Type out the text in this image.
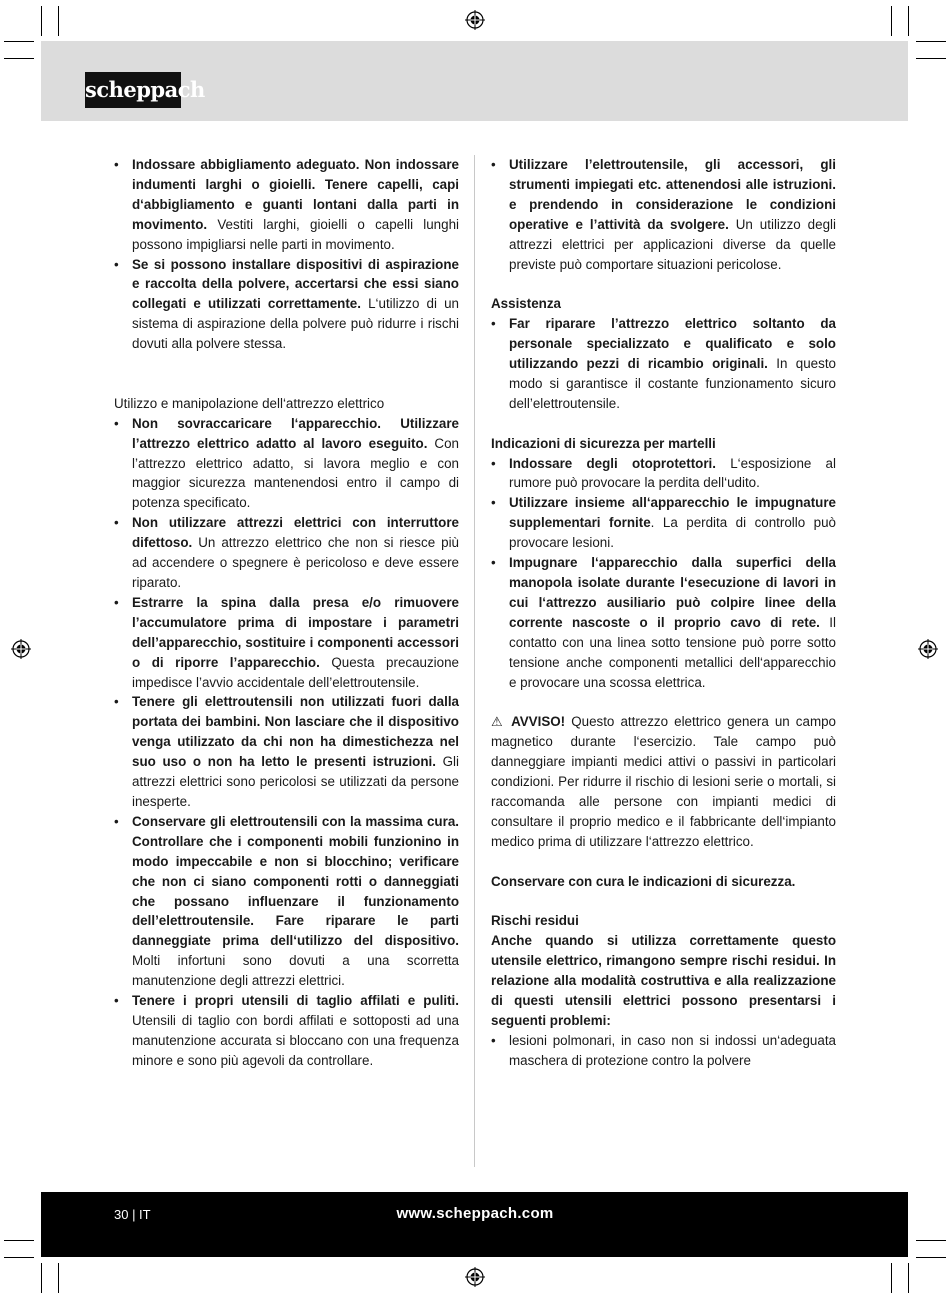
scheppach
• Indossare abbigliamento adeguato. Non indossare indumenti larghi o gioielli. Tenere capelli, capi d‘abbigliamento e guanti lontani dalla parti in movimento. Vestiti larghi, gioielli o capelli lunghi possono impigliarsi nelle parti in movimento.
• Se si possono installare dispositivi di aspirazione e raccolta della polvere, accertarsi che essi siano collegati e utilizzati correttamente. L‘utilizzo di un sistema di aspirazione della polvere può ridurre i rischi dovuti alla polvere stessa.

Utilizzo e manipolazione dell‘attrezzo elettrico

• Non sovraccaricare l‘apparecchio. Utilizzare l’attrezzo elettrico adatto al lavoro eseguito. Con l’attrezzo elettrico adatto, si lavora meglio e con maggior sicurezza mantenendosi entro il campo di potenza specificato.
• Non utilizzare attrezzi elettrici con interruttore difettoso. Un attrezzo elettrico che non si riesce più ad accendere o spegnere è pericoloso e deve essere riparato.
• Estrarre la spina dalla presa e/o rimuovere l’accumulatore prima di impostare i parametri dell’apparecchio, sostituire i componenti accessori o di riporre l’apparecchio. Questa precauzione impedisce l’avvio accidentale dell’elettroutensile.
• Tenere gli elettroutensili non utilizzati fuori dalla portata dei bambini. Non lasciare che il dispositivo venga utilizzato da chi non ha dimestichezza nel suo uso o non ha letto le presenti istruzioni. Gli attrezzi elettrici sono pericolosi se utilizzati da persone inesperte.
• Conservare gli elettroutensili con la massima cura. Controllare che i componenti mobili funzionino in modo impeccabile e non si blocchino; verificare che non ci siano componenti rotti o danneggiati che possano influenzare il funzionamento dell’elettroutensile. Fare riparare le parti danneggiate prima dell‘utilizzo del dispositivo. Molti infortuni sono dovuti a una scorretta manutenzione degli attrezzi elettrici.
• Tenere i propri utensili di taglio affilati e puliti. Utensili di taglio con bordi affilati e sottoposti ad una manutenzione accurata si bloccano con una frequenza minore e sono più agevoli da controllare.
• Utilizzare l’elettroutensile, gli accessori, gli strumenti impiegati etc. attenendosi alle istruzioni. e prendendo in considerazione le condizioni operative e l’attività da svolgere. Un utilizzo degli attrezzi elettrici per applicazioni diverse da quelle previste può comportare situazioni pericolose.

Assistenza

• Far riparare l’attrezzo elettrico soltanto da personale specializzato e qualificato e solo utilizzando pezzi di ricambio originali. In questo modo si garantisce il costante funzionamento sicuro dell’elettroutensile.

Indicazioni di sicurezza per martelli

• Indossare degli otoprotettori. L‘esposizione al rumore può provocare la perdita dell‘udito.
• Utilizzare insieme all‘apparecchio le impugnature supplementari fornite. La perdita di controllo può provocare lesioni.
• Impugnare l‘apparecchio dalla superfici della manopola isolate durante l‘esecuzione di lavori in cui l‘attrezzo ausiliario può colpire linee della corrente nascoste o il proprio cavo di rete. Il contatto con una linea sotto tensione può porre sotto tensione anche componenti metallici dell‘apparecchio e provocare una scossa elettrica.

⚠ AVVISO! Questo attrezzo elettrico genera un campo magnetico durante l‘esercizio. Tale campo può danneggiare impianti medici attivi o passivi in particolari condizioni. Per ridurre il rischio di lesioni serie o mortali, si raccomanda alle persone con impianti medici di consultare il proprio medico e il fabbricante dell‘impianto medico prima di utilizzare l‘attrezzo elettrico.

Conservare con cura le indicazioni di sicurezza.

Rischi residui

Anche quando si utilizza correttamente questo utensile elettrico, rimangono sempre rischi residui. In relazione alla modalità costruttiva e alla realizzazione di questi utensili elettrici possono presentarsi i seguenti problemi:

• lesioni polmonari, in caso non si indossi un‘adeguata maschera di protezione contro la polvere
30 | IT	www.scheppach.com
